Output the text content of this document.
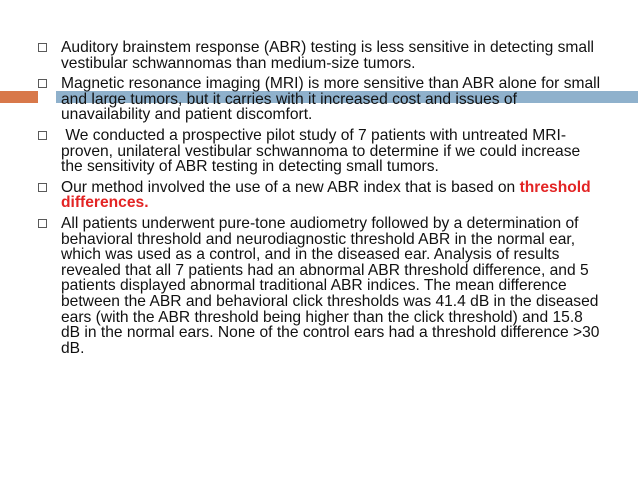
Auditory brainstem response (ABR) testing is less sensitive in detecting small vestibular schwannomas than medium-size tumors.
Magnetic resonance imaging (MRI) is more sensitive than ABR alone for small and large tumors, but it carries with it increased cost and issues of unavailability and patient discomfort.
We conducted a prospective pilot study of 7 patients with untreated MRI-proven, unilateral vestibular schwannoma to determine if we could increase the sensitivity of ABR testing in detecting small tumors.
Our method involved the use of a new ABR index that is based on threshold differences.
All patients underwent pure-tone audiometry followed by a determination of behavioral threshold and neurodiagnostic threshold ABR in the normal ear, which was used as a control, and in the diseased ear. Analysis of results revealed that all 7 patients had an abnormal ABR threshold difference, and 5 patients displayed abnormal traditional ABR indices. The mean difference between the ABR and behavioral click thresholds was 41.4 dB in the diseased ears (with the ABR threshold being higher than the click threshold) and 15.8 dB in the normal ears. None of the control ears had a threshold difference >30 dB.
